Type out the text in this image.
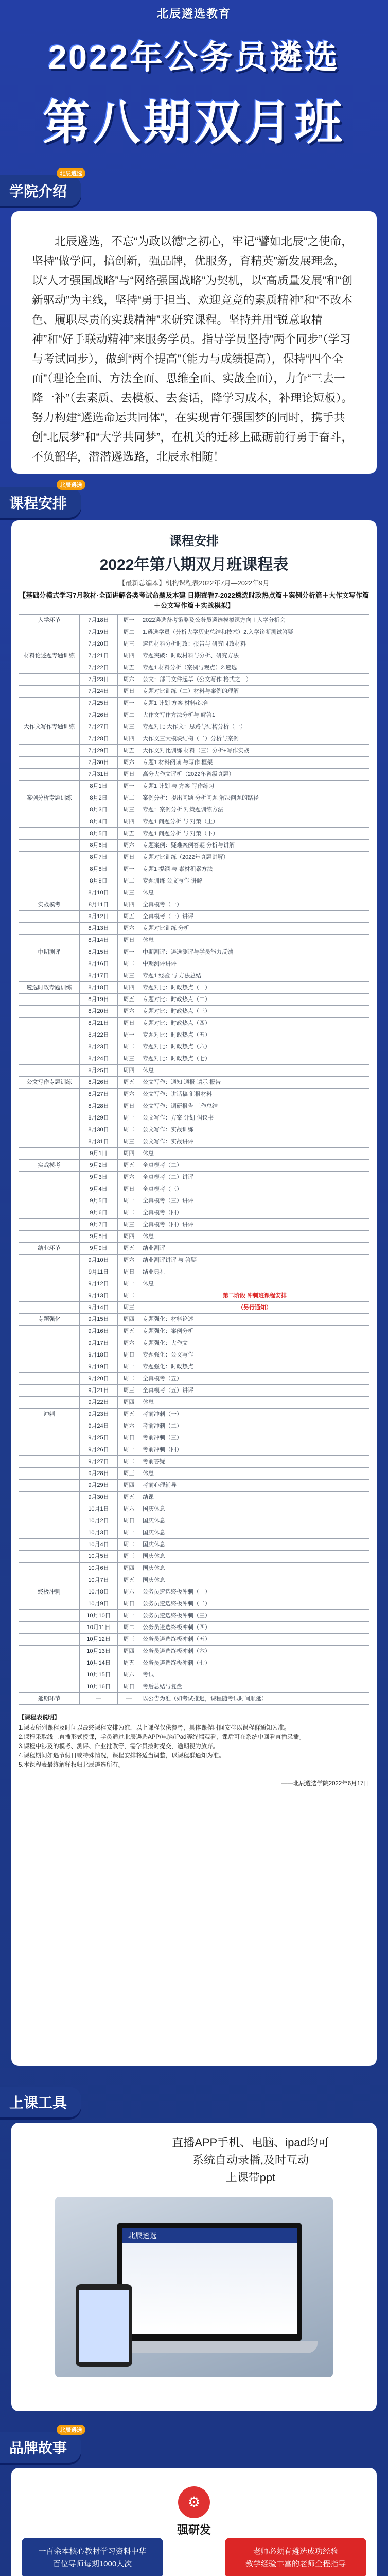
北辰遴选教育
2022年公务员遴选
第八期双月班
学院介绍
北辰遴选
北辰遴选，不忘“为政以德”之初心，牢记“譬如北辰”之使命，坚持“做学问，搞创新，强品牌，优服务，育精英”新发展理念，以“人才强国战略”与“网络强国战略”为契机，以“高质量发展”和“创新驱动”为主线，坚持“勇于担当、欢迎竞竞的素质精神”和“不改本色、履职尽责的实践精神”来研究课程。坚持并用“锐意取精神”和“好手联动精神”来服务学员。指导学员坚持“两个同步”（学习与考试同步），做到“两个提高”（能力与成绩提高），保持“四个全面”（理论全面、方法全面、思维全面、实战全面），力争“三去一降一补”（去素质、去模板、去套话，降学习成本，补理论短板）。努力构建“遴选命运共同体”，在实现青年强国梦的同时，携手共创“北辰梦”和“大学共同梦”，在机关的迁移上砥砺前行勇于奋斗，不负韶华，潜潜遴选路，北辰永相随！
课程安排
北辰遴选
课程安排
2022年第八期双月班课程表
【最新总编本】机构课程表2022年7月—2022年9月
【基础分模式学习7月教材·全面讲解各类考试命题及本建 日期查看7-2022遴选时政热点篇＋案例分析篇＋大作文写作篇＋公文写作篇＋实战模拟】
入学环节	7月18日	周一	2022遴选备考策略及公务员遴选模拟课方向＋入学分析会
	7月19日	周二	1.遴选学员（分析大学历史总结和技术）2.入学诊断测试答疑
	7月20日	周三	遴选材料分析时政：报告与 研究时政材料
材料论述题专题训练	7月21日	周四	专题突破：时政材料与分析、研究方法
	7月22日	周五	专题1 材料分析（案例与观点）2.遴选
	7月23日	周六	公文：部门文件起草（公文写作 格式之一）
	7月24日	周日	专题对比训练（二）材料与案例的理解
	7月25日	周一	专题1 计划 方案 材料/综合
	7月26日	周二	大作文写作方法分析与 解答1
大作文写作专题训练	7月27日	周三	专题对比 大作文：思路与结构分析（一）
	7月28日	周四	大作文三大模块结构（二）分析与案例
	7月29日	周五	大作文对比训练 材料（三）分析+写作实战
	7月30日	周六	专题1 材料阅读 与写作 框架
	7月31日	周日	高分大作文评析（2022年省级真题）
	8月1日	周一	专题1 计划 与 方案 写作练习
案例分析专题训练	8月2日	周二	案例分析：提出问题 分析问题 解决问题的路径
	8月3日	周三	专题：案例分析 对策题训练方法
	8月4日	周四	专题1 问题分析 与 对策（上）
	8月5日	周五	专题1 问题分析 与 对策（下）
	8月6日	周六	专题案例：疑难案例答疑 分析与讲解
	8月7日	周日	专题对比训练（2022年真题讲解）
	8月8日	周一	专题1 提纲 与 素材积累方法
	8月9日	周二	专题训练 公文写作 讲解
	8月10日	周三	休息
实战模考	8月11日	周四	全真模考（一）
	8月12日	周五	全真模考（一）讲评
	8月13日	周六	专题对比训练 分析
	8月14日	周日	休息
中期测评	8月15日	周一	中期测评：遴选测评与学员能力反馈
	8月16日	周二	中期测评讲评
	8月17日	周三	专题1 经验 与 方法总结
遴选时政专题训练	8月18日	周四	专题对比：时政热点（一）
	8月19日	周五	专题对比：时政热点（二）
	8月20日	周六	专题对比：时政热点（三）
	8月21日	周日	专题对比：时政热点（四）
	8月22日	周一	专题对比：时政热点（五）
	8月23日	周二	专题对比：时政热点（六）
	8月24日	周三	专题对比：时政热点（七）
	8月25日	周四	休息
公文写作专题训练	8月26日	周五	公文写作：通知 通报 请示 报告
	8月27日	周六	公文写作：讲话稿 汇报材料
	8月28日	周日	公文写作：调研报告 工作总结
	8月29日	周一	公文写作：方案 计划 倡议书
	8月30日	周二	公文写作：实战训练
	8月31日	周三	公文写作：实战讲评
	9月1日	周四	休息
实战模考	9月2日	周五	全真模考（二）
	9月3日	周六	全真模考（二）讲评
	9月4日	周日	全真模考（三）
	9月5日	周一	全真模考（三）讲评
	9月6日	周二	全真模考（四）
	9月7日	周三	全真模考（四）讲评
	9月8日	周四	休息
结业环节	9月9日	周五	结业测评
	9月10日	周六	结业测评讲评 与 答疑
	9月11日	周日	结业典礼
	9月12日	周一	休息
	9月13日	周二	第二阶段 冲刺班课程安排
	9月14日	周三	（另行通知）
专题强化	9月15日	周四	专题强化：材料论述
	9月16日	周五	专题强化：案例分析
	9月17日	周六	专题强化：大作文
	9月18日	周日	专题强化：公文写作
	9月19日	周一	专题强化：时政热点
	9月20日	周二	全真模考（五）
	9月21日	周三	全真模考（五）讲评
	9月22日	周四	休息
冲刺	9月23日	周五	考前冲刺（一）
	9月24日	周六	考前冲刺（二）
	9月25日	周日	考前冲刺（三）
	9月26日	周一	考前冲刺（四）
	9月27日	周二	考前答疑
	9月28日	周三	休息
	9月29日	周四	考前心理辅导
	9月30日	周五	结课
	10月1日	周六	国庆休息
	10月2日	周日	国庆休息
	10月3日	周一	国庆休息
	10月4日	周二	国庆休息
	10月5日	周三	国庆休息
	10月6日	周四	国庆休息
	10月7日	周五	国庆休息
终极冲刺	10月8日	周六	公务员遴选终极冲刺（一）
	10月9日	周日	公务员遴选终极冲刺（二）
	10月10日	周一	公务员遴选终极冲刺（三）
	10月11日	周二	公务员遴选终极冲刺（四）
	10月12日	周三	公务员遴选终极冲刺（五）
	10月13日	周四	公务员遴选终极冲刺（六）
	10月14日	周五	公务员遴选终极冲刺（七）
	10月15日	周六	考试
	10月16日	周日	考后总结与复盘
延期环节	—	—	以公告为准（如考试推迟，课程随考试时间顺延）
【课程表说明】
1.课表所列课程及时间以最终课程安排为准，以上课程仅供参考，具体课程时间安排以课程群通知为准。
2.课程采取线上直播形式授课，学员通过北辰遴选APP/电脑/iPad等终端观看，课后可在系统中回看直播录播。
3.课程中涉及的模考、测评、作业批改等，需学员按时提交，逾期视为放弃。
4.课程期间如遇节假日或特殊情况，课程安排将适当调整，以课程群通知为准。
5.本课程表最终解释权归北辰遴选所有。
——北辰遴选学院2022年6月17日
上课工具
直播APP手机、电脑、ipad均可
系统自动录播,及时互动
上课带ppt
北辰遴选
品牌故事
北辰遴选
⚙
强研发
一百余本核心教材学习资料中华
百位导师每期1000人次
老师必须有遴选成功经验
教学经验丰富的老师全程指导
